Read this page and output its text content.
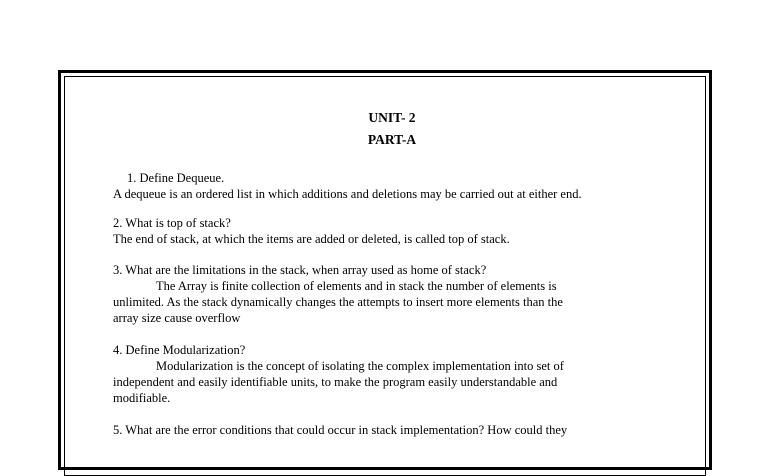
UNIT- 2
PART-A
1. Define Dequeue.
A dequeue is an ordered list in which additions and deletions may be carried out at either end.
2. What is top of stack?
The end of stack, at which the items are added or deleted, is called top of stack.
3. What are the limitations in the stack, when array used as home of stack?
The Array is finite collection of elements and in stack the number of elements is
unlimited. As the stack dynamically changes the attempts to insert more elements than the
array size cause overflow
4. Define Modularization?
Modularization is the concept of isolating the complex implementation into set of
independent and easily identifiable units, to make the program easily understandable and
modifiable.
5. What are the error conditions that could occur in stack implementation? How could they
